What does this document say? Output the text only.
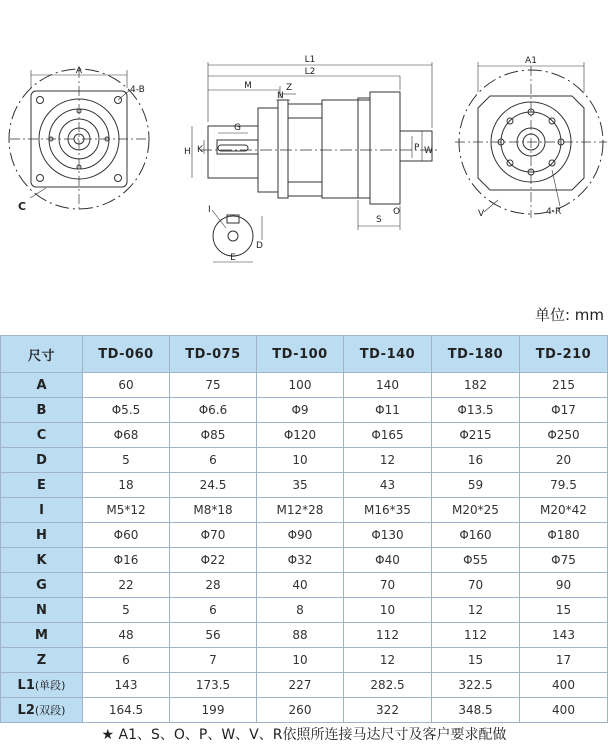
A
4-B
C
L1
L2
M	Z
N
G
H K	P W
S
O
I
D
E
A1
V	4-R
单位: mm
尺寸	TD-060	TD-075	TD-100	TD-140	TD-180	TD-210
A	60	75	100	140	182	215
B	Φ5.5	Φ6.6	Φ9	Φ11	Φ13.5	Φ17
C	Φ68	Φ85	Φ120	Φ165	Φ215	Φ250
D	5	6	10	12	16	20
E	18	24.5	35	43	59	79.5
I	M5*12	M8*18	M12*28	M16*35	M20*25	M20*42
H	Φ60	Φ70	Φ90	Φ130	Φ160	Φ180
K	Φ16	Φ22	Φ32	Φ40	Φ55	Φ75
G	22	28	40	70	70	90
N	5	6	8	10	12	15
M	48	56	88	112	112	143
Z	6	7	10	12	15	17
L1(单段)	143	173.5	227	282.5	322.5	400
L2(双段)	164.5	199	260	322	348.5	400
★ A1、S、O、P、W、V、R依照所连接马达尺寸及客户要求配做
